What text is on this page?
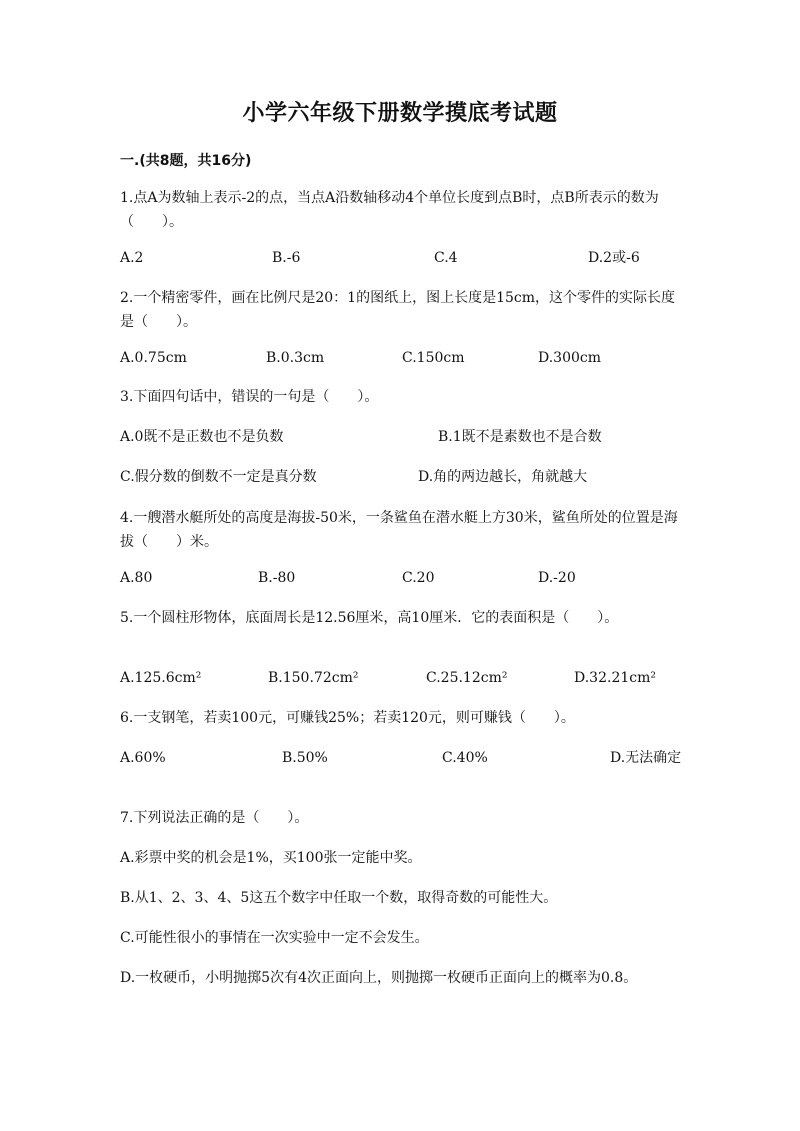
小学六年级下册数学摸底考试题
一.(共8题，共16分)
1.点A为数轴上表示-2的点，当点A沿数轴移动4个单位长度到点B时，点B所表示的数为（　　）。
A.2	B.-6	C.4	D.2或-6
2.一个精密零件，画在比例尺是20：1的图纸上，图上长度是15cm，这个零件的实际长度是（　　）。
A.0.75cm	B.0.3cm	C.150cm	D.300cm
3.下面四句话中，错误的一句是（　　）。
A.0既不是正数也不是负数	B.1既不是素数也不是合数
C.假分数的倒数不一定是真分数	D.角的两边越长，角就越大
4.一艘潜水艇所处的高度是海拔-50米，一条鲨鱼在潜水艇上方30米，鲨鱼所处的位置是海拔（　　）米。
A.80	B.-80	C.20	D.-20
5.一个圆柱形物体，底面周长是12.56厘米，高10厘米．它的表面积是（　　）。
A.125.6cm²	B.150.72cm²	C.25.12cm²	D.32.21cm²
6.一支钢笔，若卖100元，可赚钱25%；若卖120元，则可赚钱（　　）。
A.60%	B.50%	C.40%	D.无法确定
7.下列说法正确的是（　　）。
A.彩票中奖的机会是1%，买100张一定能中奖。
B.从1、2、3、4、5这五个数字中任取一个数，取得奇数的可能性大。
C.可能性很小的事情在一次实验中一定不会发生。
D.一枚硬币，小明抛掷5次有4次正面向上，则抛掷一枚硬币正面向上的概率为0.8。
